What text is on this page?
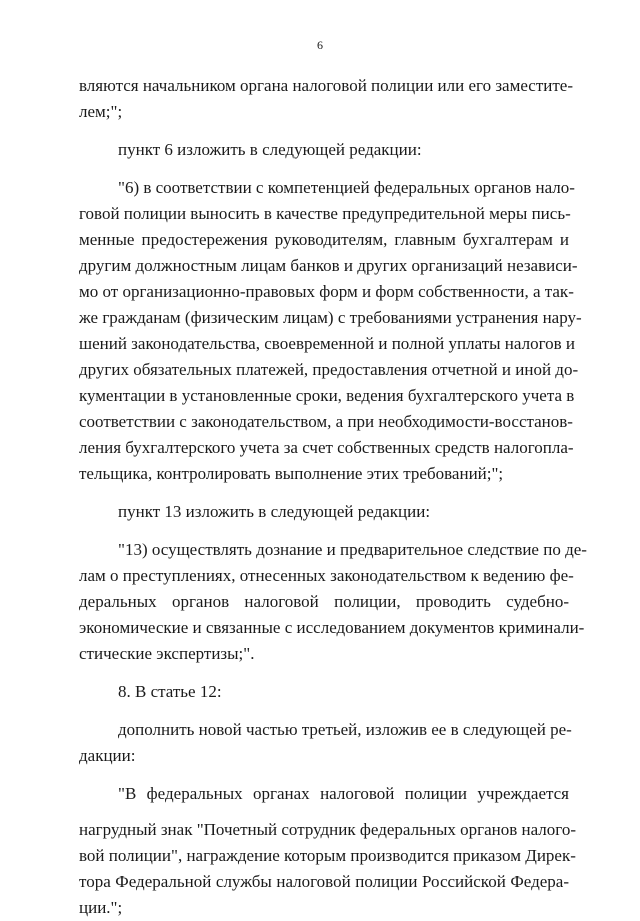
6
вляются начальником органа налоговой полиции или его заместите-
лем;";
пункт 6 изложить в следующей редакции:
"6) в соответствии с компетенцией федеральных органов нало-
говой полиции выносить в качестве предупредительной меры пись-
менные предостережения руководителям, главным бухгалтерам и
другим должностным лицам банков и других организаций независи-
мо от организационно-правовых форм и форм собственности, а так-
же гражданам (физическим лицам) с требованиями устранения нару-
шений законодательства, своевременной и полной уплаты налогов и
других обязательных платежей, предоставления отчетной и иной до-
кументации в установленные сроки, ведения бухгалтерского учета в
соответствии с законодательством, а при необходимости-восстанов-
ления бухгалтерского учета за счет собственных средств налогопла-
тельщика, контролировать выполнение этих требований;";
пункт 13 изложить в следующей редакции:
"13) осуществлять дознание и предварительное следствие по де-
лам о преступлениях, отнесенных законодательством к ведению фе-
деральных органов налоговой полиции, проводить судебно-
экономические и связанные с исследованием документов криминали-
стические экспертизы;".
8. В статье 12:
дополнить новой частью третьей, изложив ее в следующей ре-
дакции:
"В федеральных органах налоговой полиции учреждается
нагрудный знак "Почетный сотрудник федеральных органов налого-
вой полиции", награждение которым производится приказом Дирек-
тора Федеральной службы налоговой полиции Российской Федера-
ции.";
